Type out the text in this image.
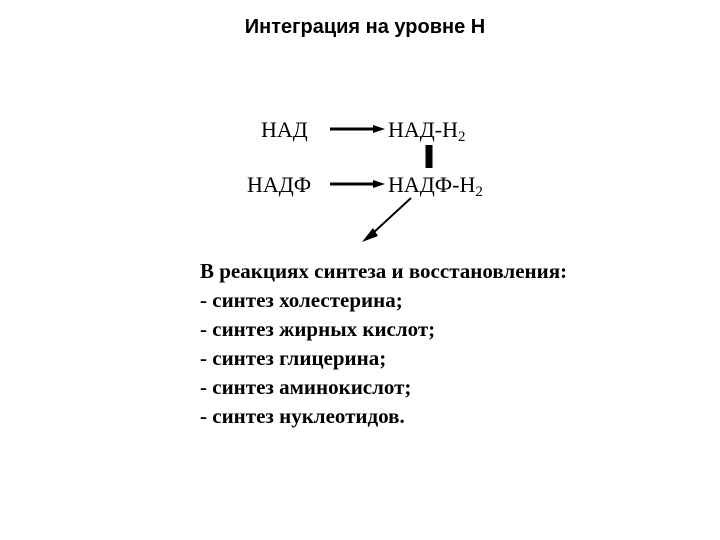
Интеграция на уровне Н
НАД	НАД-$Н_2$
НАДФ	НАДФ-$Н_2$
В реакциях синтеза и восстановления:
- синтез холестерина;
- синтез жирных кислот;
- синтез глицерина;
- синтез аминокислот;
- синтез нуклеотидов.
